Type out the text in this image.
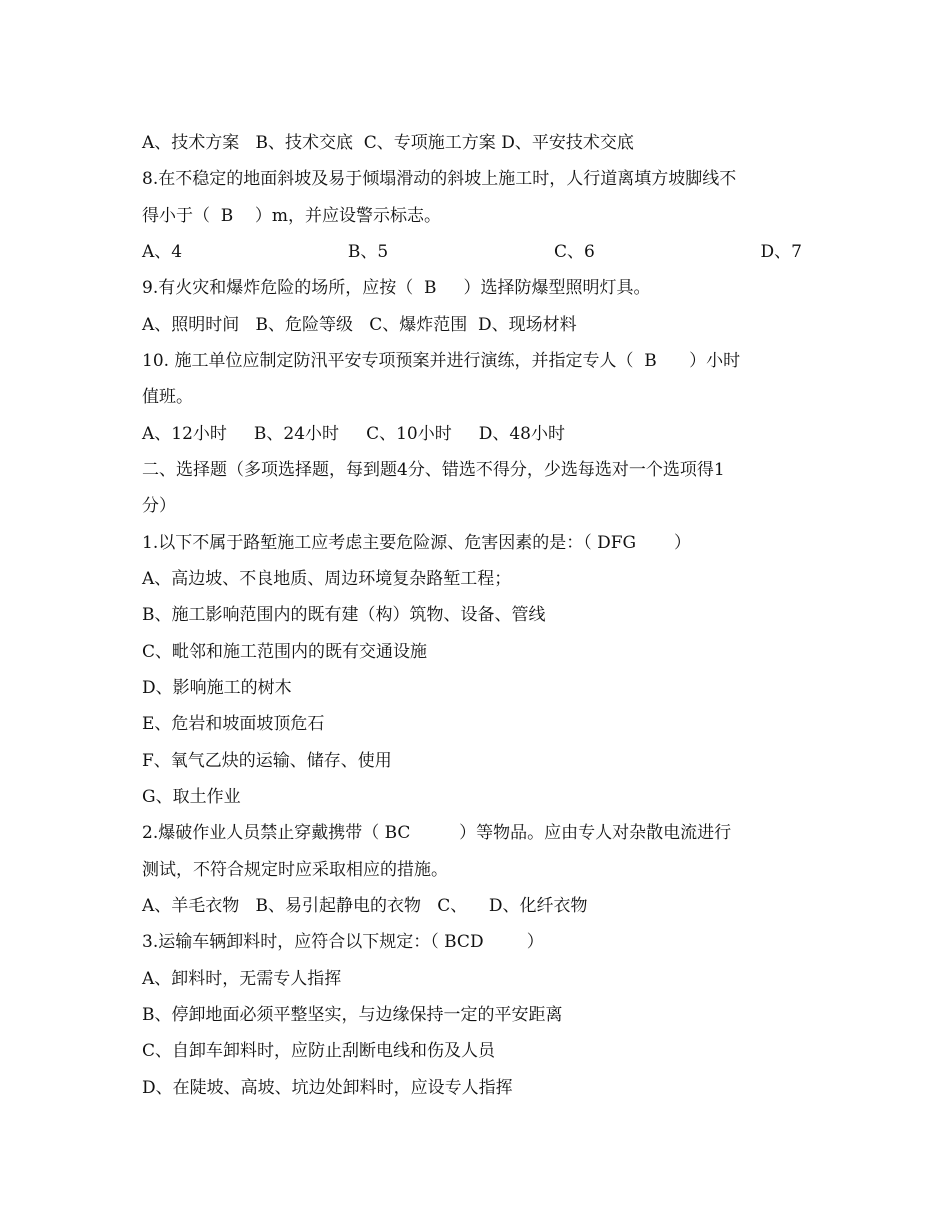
A、技术方案   B、技术交底  C、专项施工方案 D、平安技术交底
8.在不稳定的地面斜坡及易于倾塌滑动的斜坡上施工时，人行道离填方坡脚线不
得小于（  B    ）m，并应设警示标志。
A、4	B、5	C、6	D、7
9.有火灾和爆炸危险的场所，应按（  B     ）选择防爆型照明灯具。
A、照明时间   B、危险等级   C、爆炸范围  D、现场材料
10. 施工单位应制定防汛平安专项预案并进行演练，并指定专人（  B      ）小时
值班。
A、12小时     B、24小时     C、10小时     D、48小时
二、选择题（多项选择题，每到题4分、错选不得分，少选每选对一个选项得1
分）
1.以下不属于路堑施工应考虑主要危险源、危害因素的是：（ DFG       ）
A、高边坡、不良地质、周边环境复杂路堑工程；
B、施工影响范围内的既有建（构）筑物、设备、管线
C、毗邻和施工范围内的既有交通设施
D、影响施工的树木
E、危岩和坡面坡顶危石
F、氧气乙炔的运输、储存、使用
G、取土作业
2.爆破作业人员禁止穿戴携带（ BC         ）等物品。应由专人对杂散电流进行
测试，不符合规定时应采取相应的措施。
A、羊毛衣物   B、易引起静电的衣物   C、    D、化纤衣物
3.运输车辆卸料时，应符合以下规定：（ BCD        ）
A、卸料时，无需专人指挥
B、停卸地面必须平整坚实，与边缘保持一定的平安距离
C、自卸车卸料时，应防止刮断电线和伤及人员
D、在陡坡、高坡、坑边处卸料时，应设专人指挥
